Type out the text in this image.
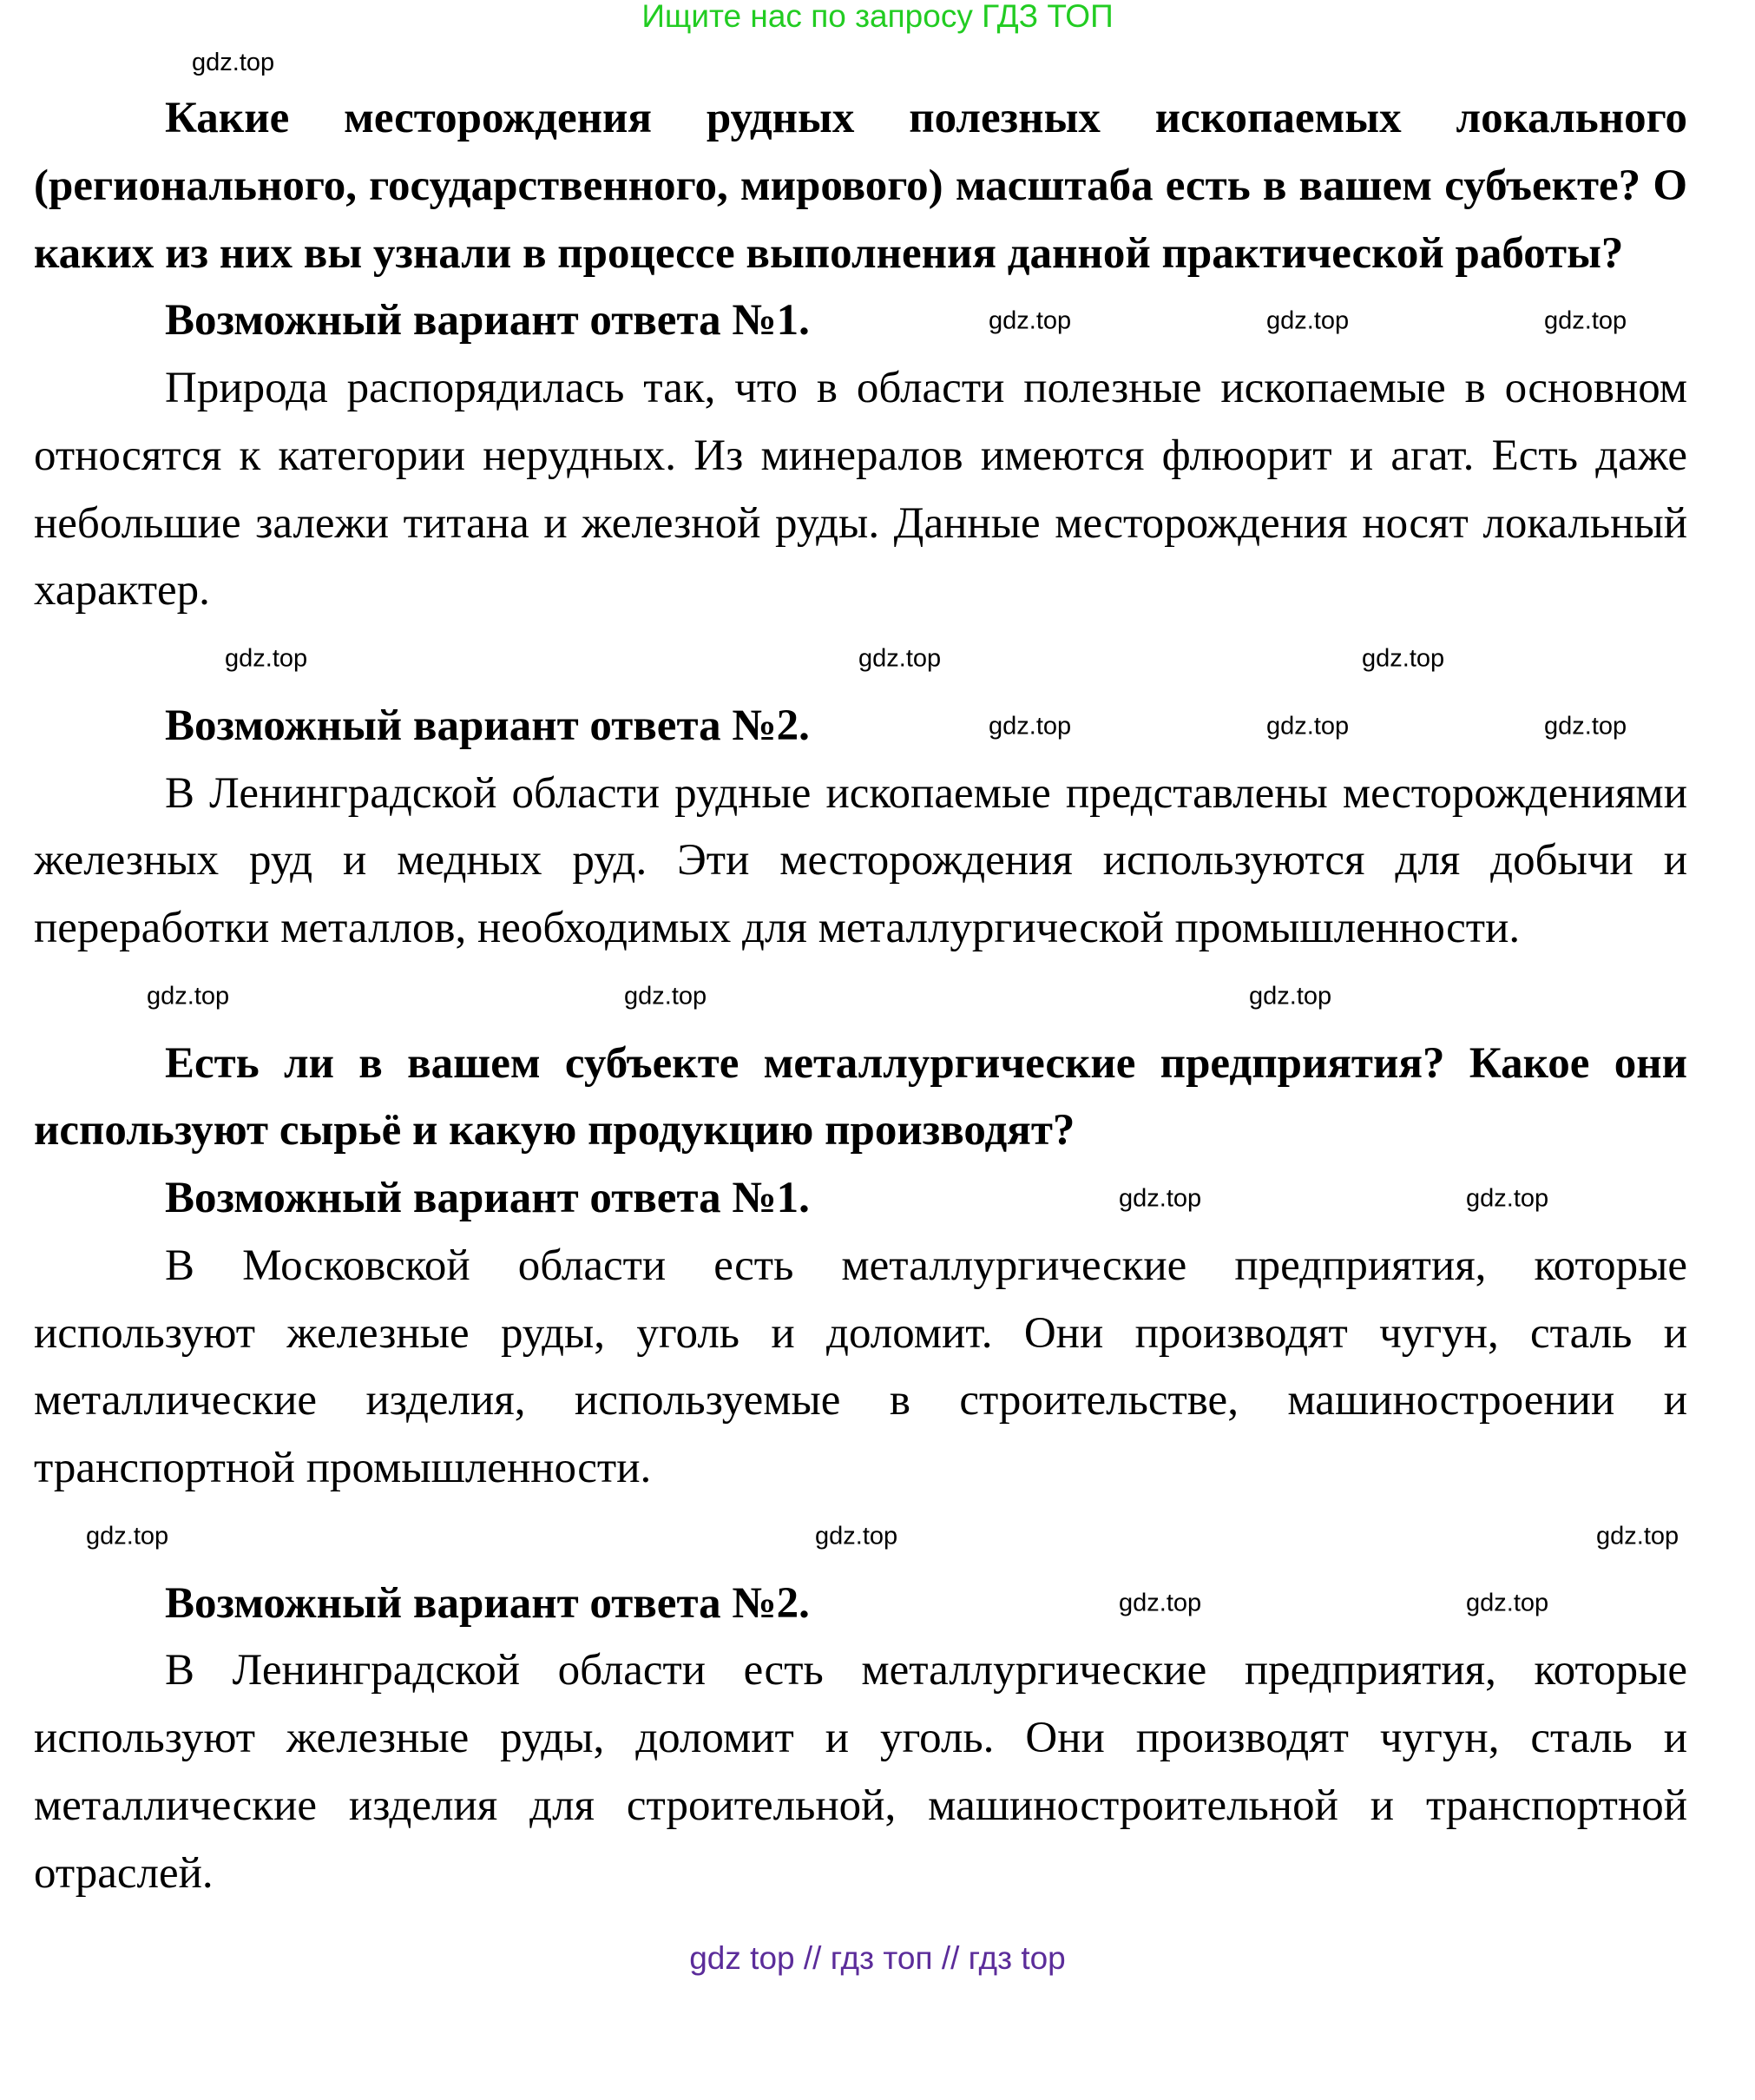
Ищите нас по запросу ГДЗ ТОП
gdz.top

Какие месторождения рудных полезных ископаемых локального (регионального, государственного, мирового) масштаба есть в вашем субъекте? О каких из них вы узнали в процессе выполнения данной практической работы?

Возможный вариант ответа №1.	gdz.top	gdz.top	gdz.top

Природа распорядилась так, что в области полезные ископаемые в основном относятся к категории нерудных. Из минералов имеются флюорит и агат. Есть даже небольшие залежи титана и железной руды. Данные месторождения носят локальный характер.

gdz.top	gdz.top	gdz.top
Возможный вариант ответа №2.	gdz.top	gdz.top	gdz.top

В Ленинградской области рудные ископаемые представлены месторождениями железных руд и медных руд. Эти месторождения используются для добычи и переработки металлов, необходимых для металлургической промышленности.

gdz.top	gdz.top	gdz.top

Есть ли в вашем субъекте металлургические предприятия? Какое они используют сырьё и какую продукцию производят?

Возможный вариант ответа №1.	gdz.top	gdz.top

В Московской области есть металлургические предприятия, которые используют железные руды, уголь и доломит. Они производят чугун, сталь и металлические изделия, используемые в строительстве, машиностроении и транспортной промышленности.

gdz.top	gdz.top	gdz.top
Возможный вариант ответа №2.	gdz.top	gdz.top

В Ленинградской области есть металлургические предприятия, которые используют железные руды, доломит и уголь. Они производят чугун, сталь и металлические изделия для строительной, машиностроительной и транспортной отраслей.

gdz top // гдз топ // гдз top
